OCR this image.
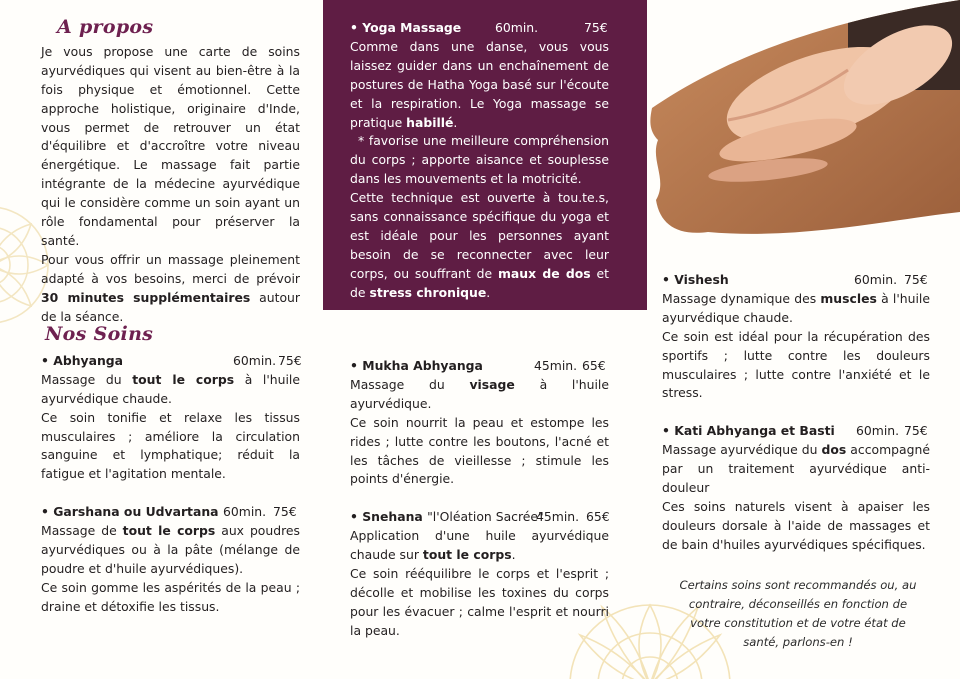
A propos

Je vous propose une carte de soins ayurvédiques qui visent au bien-être à la fois physique et émotionnel. Cette approche holistique, originaire d'Inde, vous permet de retrouver un état d'équilibre et d'accroître votre niveau énergétique. Le massage fait partie intégrante de la médecine ayurvédique qui le considère comme un soin ayant un rôle fondamental pour préserver la santé.

Pour vous offrir un massage pleinement adapté à vos besoins, merci de prévoir 30 minutes supplémentaires autour de la séance.

Nos Soins

• Abhyanga	60min. 75€

Massage du tout le corps à l'huile ayurvédique chaude.

Ce soin tonifie et relaxe les tissus musculaires ; améliore la circulation sanguine et lymphatique; réduit la fatigue et l'agitation mentale.

• Garshana ou Udvartana 60min. 75€

Massage de tout le corps aux poudres ayurvédiques ou à la pâte (mélange de poudre et d'huile ayurvédiques).

Ce soin gomme les aspérités de la peau ; draine et détoxifie les tissus.

• Yoga Massage	60min.	75€

Comme dans une danse, vous vous laissez guider dans un enchaînement de postures de Hatha Yoga basé sur l'écoute et la respiration. Le Yoga massage se pratique habillé.

* favorise une meilleure compréhension du corps ; apporte aisance et souplesse dans les mouvements et la motricité.

Cette technique est ouverte à tou.te.s, sans connaissance spécifique du yoga et est idéale pour les personnes ayant besoin de se reconnecter avec leur corps, ou souffrant de maux de dos et de stress chronique.

• Mukha Abhyanga	45min. 65€

Massage du visage à l'huile ayurvédique.

Ce soin nourrit la peau et estompe les rides ; lutte contre les boutons, l'acné et les tâches de vieillesse ; stimule les points d'énergie.

• Snehana "l'Oléation Sacrée"
45min. 65€

Application d'une huile ayurvédique chaude sur tout le corps.

Ce soin rééquilibre le corps et l'esprit ; décolle et mobilise les toxines du corps pour les évacuer ; calme l'esprit et nourri la peau.

• Vishesh	60min. 75€

Massage dynamique des muscles à l'huile ayurvédique chaude.

Ce soin est idéal pour la récupération des sportifs ; lutte contre les douleurs musculaires ; lutte contre l'anxiété et le stress.

• Kati Abhyanga et Basti 60min. 75€

Massage ayurvédique du dos accompagné par un traitement ayurvédique anti-douleur

Ces soins naturels visent à apaiser les douleurs dorsale à l'aide de massages et de bain d'huiles ayurvédiques spécifiques.

Certains soins sont recommandés ou, au contraire, déconseillés en fonction de votre constitution et de votre état de santé, parlons-en !
